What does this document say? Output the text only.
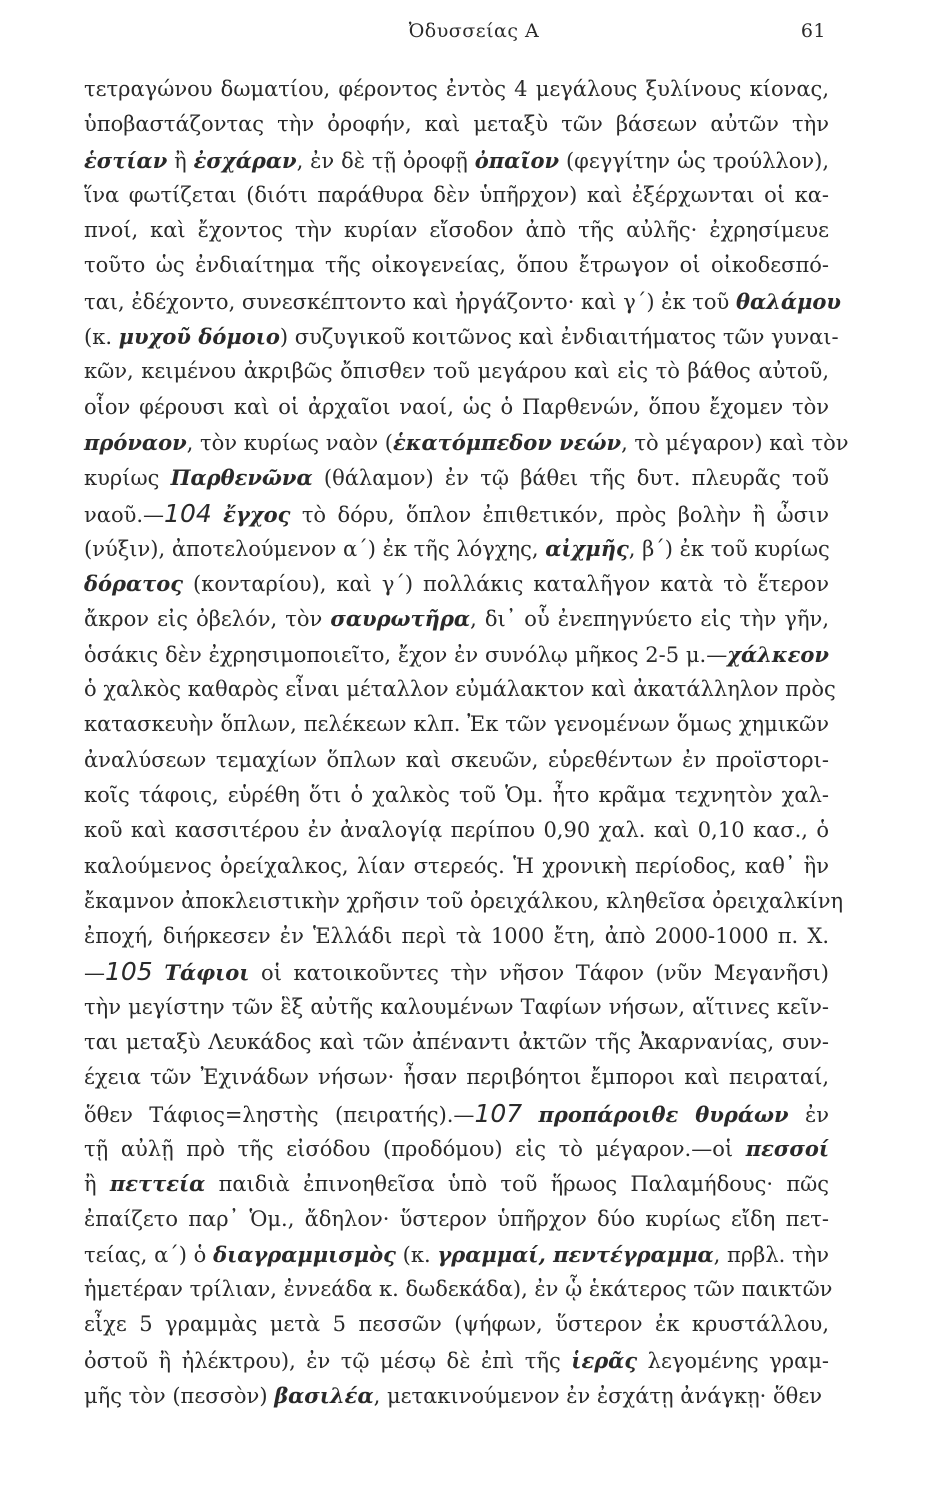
Ὀδυσσείας Α	61
τετραγώνου δωματίου, φέροντος ἐντὸς 4 μεγάλους ξυλίνους κίονας,
ὑποβαστάζοντας τὴν ὀροφήν, καὶ μεταξὺ τῶν βάσεων αὐτῶν τὴν
ἑστίαν ἢ ἐσχάραν, ἐν δὲ τῇ ὀροφῇ ὀπαῖον (φεγγίτην ὡς τρούλλον),
ἵνα φωτίζεται (διότι παράθυρα δὲν ὑπῆρχον) καὶ ἐξέρχωνται οἱ κα-
πνοί, καὶ ἔχοντος τὴν κυρίαν εἴσοδον ἀπὸ τῆς αὐλῆς· ἐχρησίμευε
τοῦτο ὡς ἐνδιαίτημα τῆς οἰκογενείας, ὅπου ἔτρωγον οἱ οἰκοδεσπό-
ται, ἐδέχοντο, συνεσκέπτοντο καὶ ἠργάζοντο· καὶ γ΄) ἐκ τοῦ θαλάμου
(κ. μυχοῦ δόμοιο) συζυγικοῦ κοιτῶνος καὶ ἐνδιαιτήματος τῶν γυναι-
κῶν, κειμένου ἀκριβῶς ὄπισθεν τοῦ μεγάρου καὶ εἰς τὸ βάθος αὐτοῦ,
οἷον φέρουσι καὶ οἱ ἀρχαῖοι ναοί, ὡς ὁ Παρθενών, ὅπου ἔχομεν τὸν
πρόναον, τὸν κυρίως ναὸν (ἑκατόμπεδον νεών, τὸ μέγαρον) καὶ τὸν
κυρίως Παρθενῶνα (θάλαμον) ἐν τῷ βάθει τῆς δυτ. πλευρᾶς τοῦ
ναοῦ.—104 ἔγχος τὸ δόρυ, ὅπλον ἐπιθετικόν, πρὸς βολὴν ἢ ὦσιν
(νύξιν), ἀποτελούμενον α΄) ἐκ τῆς λόγχης, αἰχμῆς, β΄) ἐκ τοῦ κυρίως
δόρατος (κονταρίου), καὶ γ΄) πολλάκις καταλῆγον κατὰ τὸ ἕτερον
ἄκρον εἰς ὀβελόν, τὸν σαυρωτῆρα, δι᾿ οὗ ἐνεπηγνύετο εἰς τὴν γῆν,
ὁσάκις δὲν ἐχρησιμοποιεῖτο, ἔχον ἐν συνόλῳ μῆκος 2-5 μ.—χάλκεον
ὁ χαλκὸς καθαρὸς εἶναι μέταλλον εὐμάλακτον καὶ ἀκατάλληλον πρὸς
κατασκευὴν ὅπλων, πελέκεων κλπ. Ἐκ τῶν γενομένων ὅμως χημικῶν
ἀναλύσεων τεμαχίων ὅπλων καὶ σκευῶν, εὑρεθέντων ἐν προϊστορι-
κοῖς τάφοις, εὑρέθη ὅτι ὁ χαλκὸς τοῦ Ὁμ. ἦτο κρᾶμα τεχνητὸν χαλ-
κοῦ καὶ κασσιτέρου ἐν ἀναλογίᾳ περίπου 0,90 χαλ. καὶ 0,10 κασ., ὁ
καλούμενος ὀρείχαλκος, λίαν στερεός. Ἡ χρονικὴ περίοδος, καθ᾿ ἣν
ἔκαμνον ἀποκλειστικὴν χρῆσιν τοῦ ὀρειχάλκου, κληθεῖσα ὀρειχαλκίνη
ἐποχή, διήρκεσεν ἐν Ἑλλάδι περὶ τὰ 1000 ἔτη, ἀπὸ 2000-1000 π. Χ.
—105 Τάφιοι οἱ κατοικοῦντες τὴν νῆσον Τάφον (νῦν Μεγανῆσι)
τὴν μεγίστην τῶν ἓξ αὐτῆς καλουμένων Ταφίων νήσων, αἵτινες κεῖν-
ται μεταξὺ Λευκάδος καὶ τῶν ἀπέναντι ἀκτῶν τῆς Ἀκαρνανίας, συν-
έχεια τῶν Ἐχινάδων νήσων· ἦσαν περιβόητοι ἔμποροι καὶ πειραταί,
ὅθεν Τάφιος=ληστὴς (πειρατής).—107 προπάροιθε θυράων ἐν
τῇ αὐλῇ πρὸ τῆς εἰσόδου (προδόμου) εἰς τὸ μέγαρον.—οἱ πεσσοί
ἢ πεττεία παιδιὰ ἐπινοηθεῖσα ὑπὸ τοῦ ἥρωος Παλαμήδους· πῶς
ἐπαίζετο παρ᾿ Ὁμ., ἄδηλον· ὕστερον ὑπῆρχον δύο κυρίως εἴδη πετ-
τείας, α΄) ὁ διαγραμμισμὸς (κ. γραμμαί, πεντέγραμμα, πρβλ. τὴν
ἡμετέραν τρίλιαν, ἐννεάδα κ. δωδεκάδα), ἐν ᾧ ἑκάτερος τῶν παικτῶν
εἶχε 5 γραμμὰς μετὰ 5 πεσσῶν (ψήφων, ὕστερον ἐκ κρυστάλλου,
ὀστοῦ ἢ ἠλέκτρου), ἐν τῷ μέσῳ δὲ ἐπὶ τῆς ἱερᾶς λεγομένης γραμ-
μῆς τὸν (πεσσὸν) βασιλέα, μετακινούμενον ἐν ἐσχάτῃ ἀνάγκῃ· ὅθεν
